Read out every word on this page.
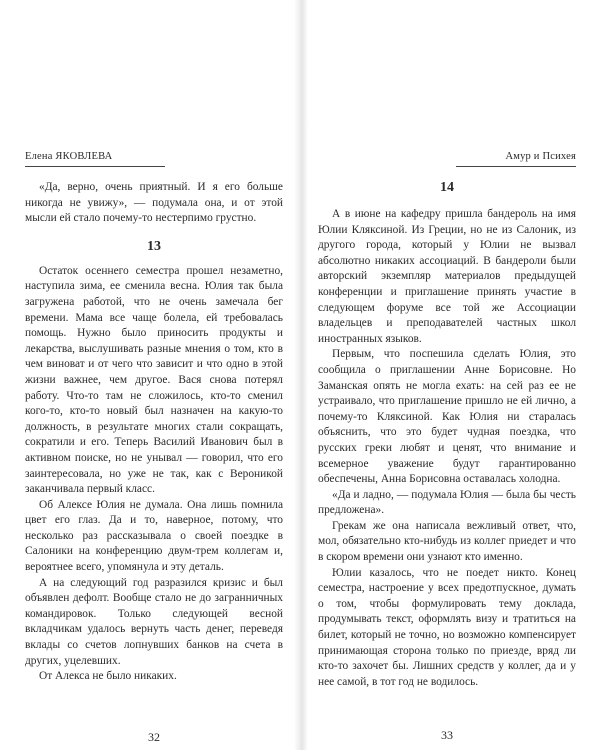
Елена ЯКОВЛЕВА

«Да, верно, очень приятный. И я его больше никогда не увижу», — подумала она, и от этой мысли ей стало почему-то нестерпимо грустно.

13

Остаток осеннего семестра прошел незаметно, наступила зима, ее сменила весна. Юлия так была загружена работой, что не очень замечала бег времени. Мама все чаще болела, ей требовалась помощь. Нужно было приносить продукты и лекарства, выслушивать разные мнения о том, кто в чем виноват и от чего что зависит и что одно в этой жизни важнее, чем другое. Вася снова потерял работу. Что-то там не сложилось, кто-то сменил кого-то, кто-то новый был назначен на какую-то должность, в результате многих стали сокращать, сократили и его. Теперь Василий Иванович был в активном поиске, но не унывал — говорил, что его заинтересовала, но уже не так, как с Вероникой заканчивала первый класс.

Об Алексе Юлия не думала. Она лишь помнила цвет его глаз. Да и то, наверное, потому, что несколько раз рассказывала о своей поездке в Салоники на конференцию двум-трем коллегам и, вероятнее всего, упомянула и эту деталь.

А на следующий год разразился кризис и был объявлен дефолт. Вообще стало не до загранничных командировок. Только следующей весной вкладчикам удалось вернуть часть денег, переведя вклады со счетов лопнувших банков на счета в других, уцелевших.

От Алекса не было никаких.

32
Амур и Психея
14

А в июне на кафедру пришла бандероль на имя Юлии Кляксиной. Из Греции, но не из Салоник, из другого города, который у Юлии не вызвал абсолютно никаких ассоциаций. В бандероли были авторский экземпляр материалов предыдущей конференции и приглашение принять участие в следующем форуме все той же Ассоциации владельцев и преподавателей частных школ иностранных языков.

Первым, что поспешила сделать Юлия, это сообщила о приглашении Анне Борисовне. Но Заманская опять не могла ехать: на сей раз ее не устраивало, что приглашение пришло не ей лично, а почему-то Кляксиной. Как Юлия ни старалась объяснить, что это будет чудная поездка, что русских греки любят и ценят, что внимание и всемерное уважение будут гарантированно обеспечены, Анна Борисовна оставалась холодна.

«Да и ладно, — подумала Юлия — была бы честь предложена».

Грекам же она написала вежливый ответ, что, мол, обязательно кто-нибудь из коллег приедет и что в скором времени они узнают кто именно.

Юлии казалось, что не поедет никто. Конец семестра, настроение у всех предотпускное, думать о том, чтобы формулировать тему доклада, продумывать текст, оформлять визу и тратиться на билет, который не точно, но возможно компенсирует принимающая сторона только по приезде, вряд ли кто-то захочет бы. Лишних средств у коллег, да и у нее самой, в тот год не водилось.

33
